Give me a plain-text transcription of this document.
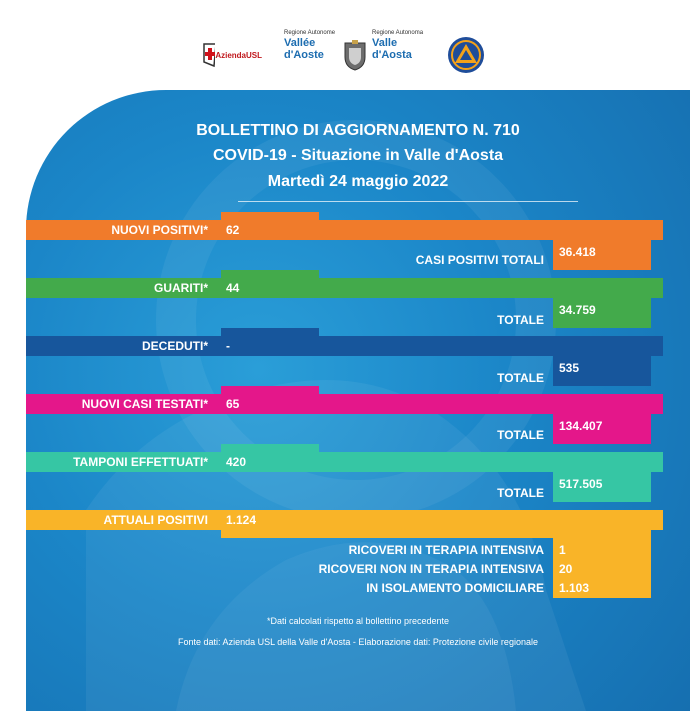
AziendaUSL
Regione Autonome
Vallée d'Aoste
Regione Autonoma
Valle d'Aosta
BOLLETTINO DI AGGIORNAMENTO N. 710
COVID-19 - Situazione in Valle d'Aosta
Martedì 24 maggio 2022
NUOVI POSITIVI* 62
CASI POSITIVI TOTALI
36.418
GUARITI* 44
TOTALE
34.759
DECEDUTI* -
TOTALE
535
NUOVI CASI TESTATI* 65
TOTALE
134.407
TAMPONI EFFETTUATI* 420
TOTALE
517.505
ATTUALI POSITIVI 1.124
RICOVERI IN TERAPIA INTENSIVA 1
RICOVERI NON IN TERAPIA INTENSIVA 20
IN ISOLAMENTO DOMICILIARE 1.103
*Dati calcolati rispetto al bollettino precedente
Fonte dati: Azienda USL della Valle d'Aosta - Elaborazione dati: Protezione civile regionale
